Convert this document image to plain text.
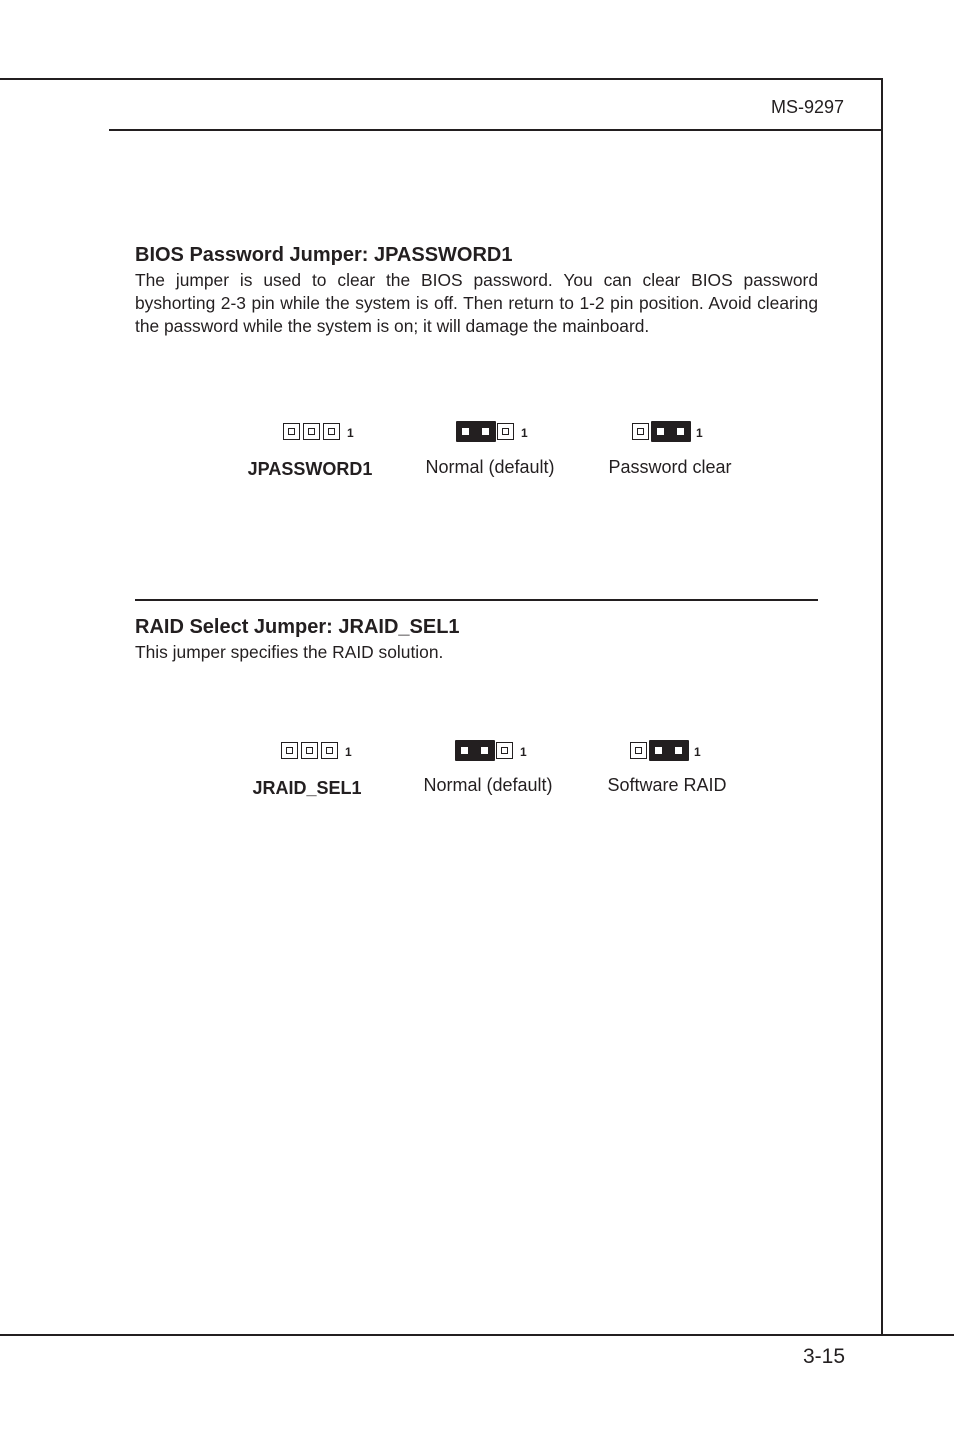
MS-9297
BIOS Password Jumper: JPASSWORD1

The jumper is used to clear the BIOS password. You can clear BIOS password byshorting 2-3 pin while the system is off. Then return to 1-2 pin position. Avoid clearing the password while the system is on; it will damage the mainboard.

1
JPASSWORD1
1
Normal (default)
1
Password clear
RAID Select Jumper: JRAID_SEL1

This jumper specifies the RAID solution.

1
JRAID_SEL1
1
Normal (default)
1
Software RAID
3-15
